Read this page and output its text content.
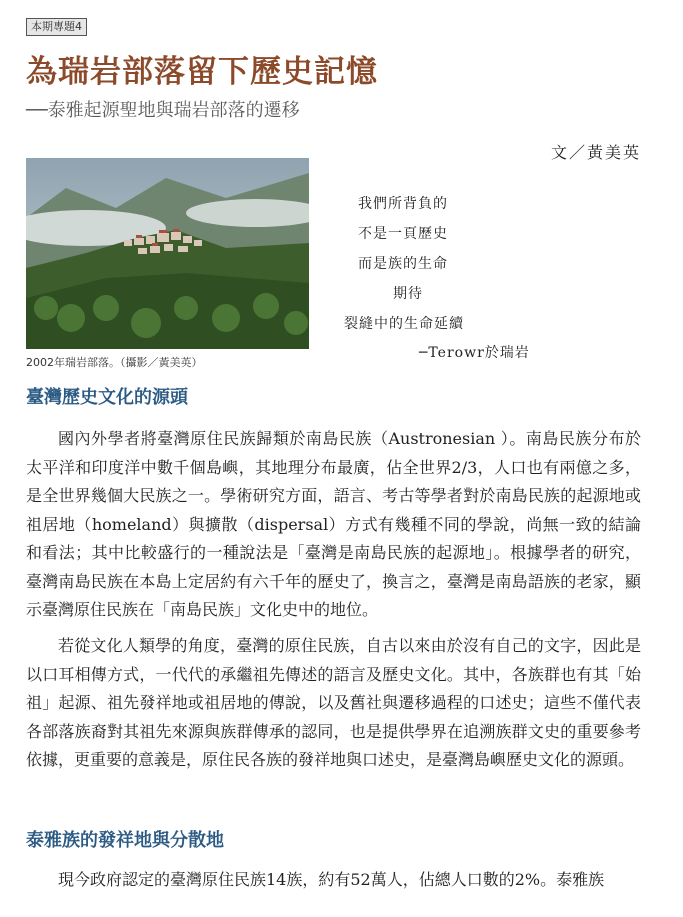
本期專題4
為瑞岩部落留下歷史記憶
──泰雅起源聖地與瑞岩部落的遷移
文／黃美英
2002年瑞岩部落。（攝影／黃美英）
我們所背負的
不是一頁歷史
而是族的生命
期待
裂縫中的生命延續
─Terowr於瑞岩
臺灣歷史文化的源頭

國內外學者將臺灣原住民族歸類於南島民族（Austronesian ）。南島民族分布於太平洋和印度洋中數千個島嶼，其地理分布最廣，佔全世界2/3，人口也有兩億之多，是全世界幾個大民族之一。學術研究方面，語言、考古等學者對於南島民族的起源地或祖居地（homeland）與擴散（dispersal）方式有幾種不同的學說，尚無一致的結論和看法；其中比較盛行的一種說法是「臺灣是南島民族的起源地」。根據學者的研究，臺灣南島民族在本島上定居約有六千年的歷史了，換言之，臺灣是南島語族的老家，顯示臺灣原住民族在「南島民族」文化史中的地位。

若從文化人類學的角度，臺灣的原住民族，自古以來由於沒有自己的文字，因此是以口耳相傳方式，一代代的承繼祖先傳述的語言及歷史文化。其中，各族群也有其「始祖」起源、祖先發祥地或祖居地的傳說，以及舊社與遷移過程的口述史；這些不僅代表各部落族裔對其祖先來源與族群傳承的認同，也是提供學界在追溯族群文史的重要參考依據，更重要的意義是，原住民各族的發祥地與口述史，是臺灣島嶼歷史文化的源頭。

泰雅族的發祥地與分散地

現今政府認定的臺灣原住民族14族，約有52萬人，佔總人口數的2%。泰雅族
